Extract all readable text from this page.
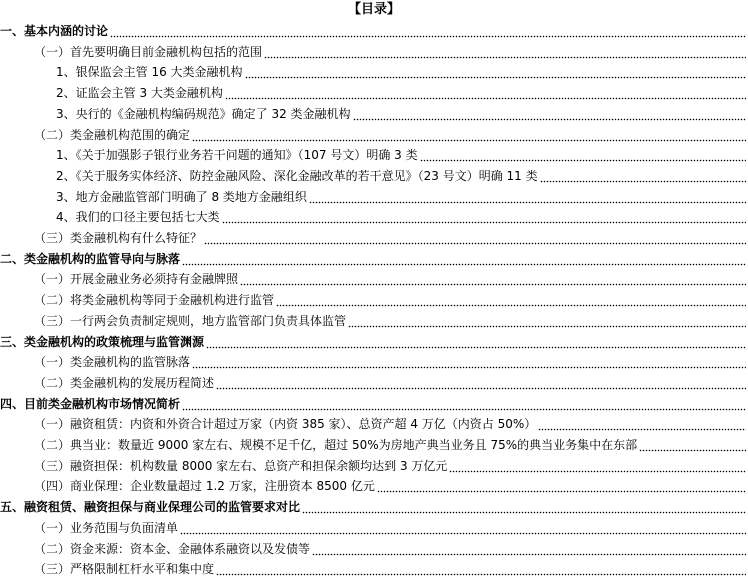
【目录】
一、基本内涵的讨论
（一）首先要明确目前金融机构包括的范围
1、银保监会主管 16 大类金融机构
2、证监会主管 3 大类金融机构
3、央行的《金融机构编码规范》确定了 32 类金融机构
（二）类金融机构范围的确定
1、《关于加强影子银行业务若干问题的通知》（107 号文）明确 3 类
2、《关于服务实体经济、防控金融风险、深化金融改革的若干意见》（23 号文）明确 11 类
3、地方金融监管部门明确了 8 类地方金融组织
4、我们的口径主要包括七大类
（三）类金融机构有什么特征？
二、类金融机构的监管导向与脉落
（一）开展金融业务必须持有金融牌照
（二）将类金融机构等同于金融机构进行监管
（三）一行两会负责制定规则，地方监管部门负责具体监管
三、类金融机构的政策梳理与监管渊源
（一）类金融机构的监管脉落
（二）类金融机构的发展历程简述
四、目前类金融机构市场情况简析
（一）融资租赁：内资和外资合计超过万家（内资 385 家）、总资产超 4 万亿（内资占 50%）
（二）典当业：数量近 9000 家左右、规模不足千亿，超过 50%为房地产典当业务且 75%的典当业务集中在东部
（三）融资担保：机构数量 8000 家左右、总资产和担保余额均达到 3 万亿元
（四）商业保理：企业数量超过 1.2 万家，注册资本 8500 亿元
五、融资租赁、融资担保与商业保理公司的监管要求对比
（一）业务范围与负面清单
（二）资金来源：资本金、金融体系融资以及发债等
（三）严格限制杠杆水平和集中度
